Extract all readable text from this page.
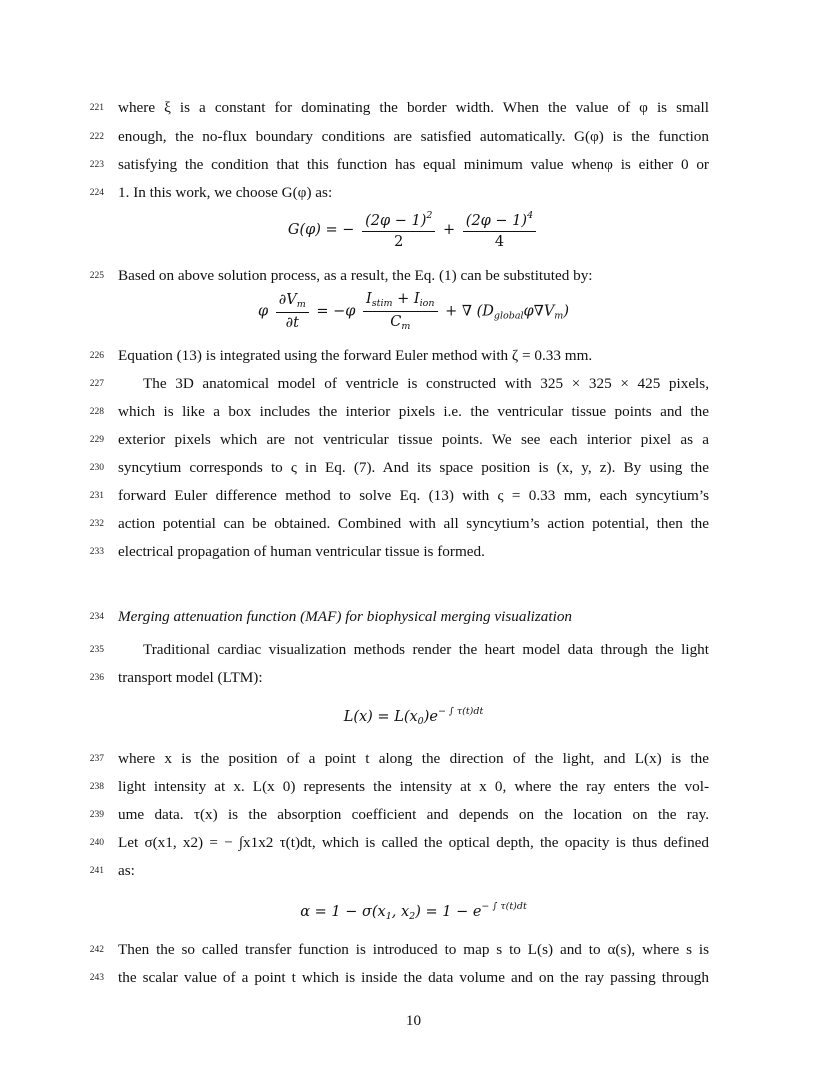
221
222
223
224
225
226
227
228
229
230
231
232
233
234
235
236
237
238
239
240
241
242
243
where ξ is a constant for dominating the border width. When the value of φ is small
enough, the no-flux boundary conditions are satisfied automatically. G(φ) is the function
satisfying the condition that this function has equal minimum value whenφ is either 0 or
1. In this work, we choose G(φ) as:
G(φ) = − $\frac{(2\varphi - 1)^2}{2} + \frac{(2\varphi - 1)^4}{4}$
Based on above solution process, as a result, the Eq. (1) can be substituted by:
φ $\frac{\partial V_m}{\partial t} = -\varphi \frac{I_{stim} + I_{ion}}{C_m}$ + ∇ $(D_{global}\varphi\nabla V_m)$
Equation (13) is integrated using the forward Euler method with ζ = 0.33 mm.
The 3D anatomical model of ventricle is constructed with 325 × 325 × 425 pixels,
which is like a box includes the interior pixels i.e. the ventricular tissue points and the
exterior pixels which are not ventricular tissue points. We see each interior pixel as a
syncytium corresponds to ς in Eq. (7). And its space position is (x, y, z). By using the
forward Euler difference method to solve Eq. (13) with ς = 0.33 mm, each syncytium’s
action potential can be obtained. Combined with all syncytium’s action potential, then the
electrical propagation of human ventricular tissue is formed.
Merging attenuation function (MAF) for biophysical merging visualization
Traditional cardiac visualization methods render the heart model data through the light
transport model (LTM):
$L(x) = L(x_0)e^{- \int \tau(t)dt}$
where x is the position of a point t along the direction of the light, and L(x) is the
light intensity at x. L(x 0) represents the intensity at x 0, where the ray enters the vol-
ume data. τ(x) is the absorption coefficient and depends on the location on the ray.
Let σ(x1, x2) = − ∫x1x2 τ(t)dt, which is called the optical depth, the opacity is thus defined
as:
$\alpha = 1 - \sigma(x_1$, $x_2) = 1 - e^{- \int \tau(t)dt}$
Then the so called transfer function is introduced to map s to L(s) and to α(s), where s is
the scalar value of a point t which is inside the data volume and on the ray passing through
10
